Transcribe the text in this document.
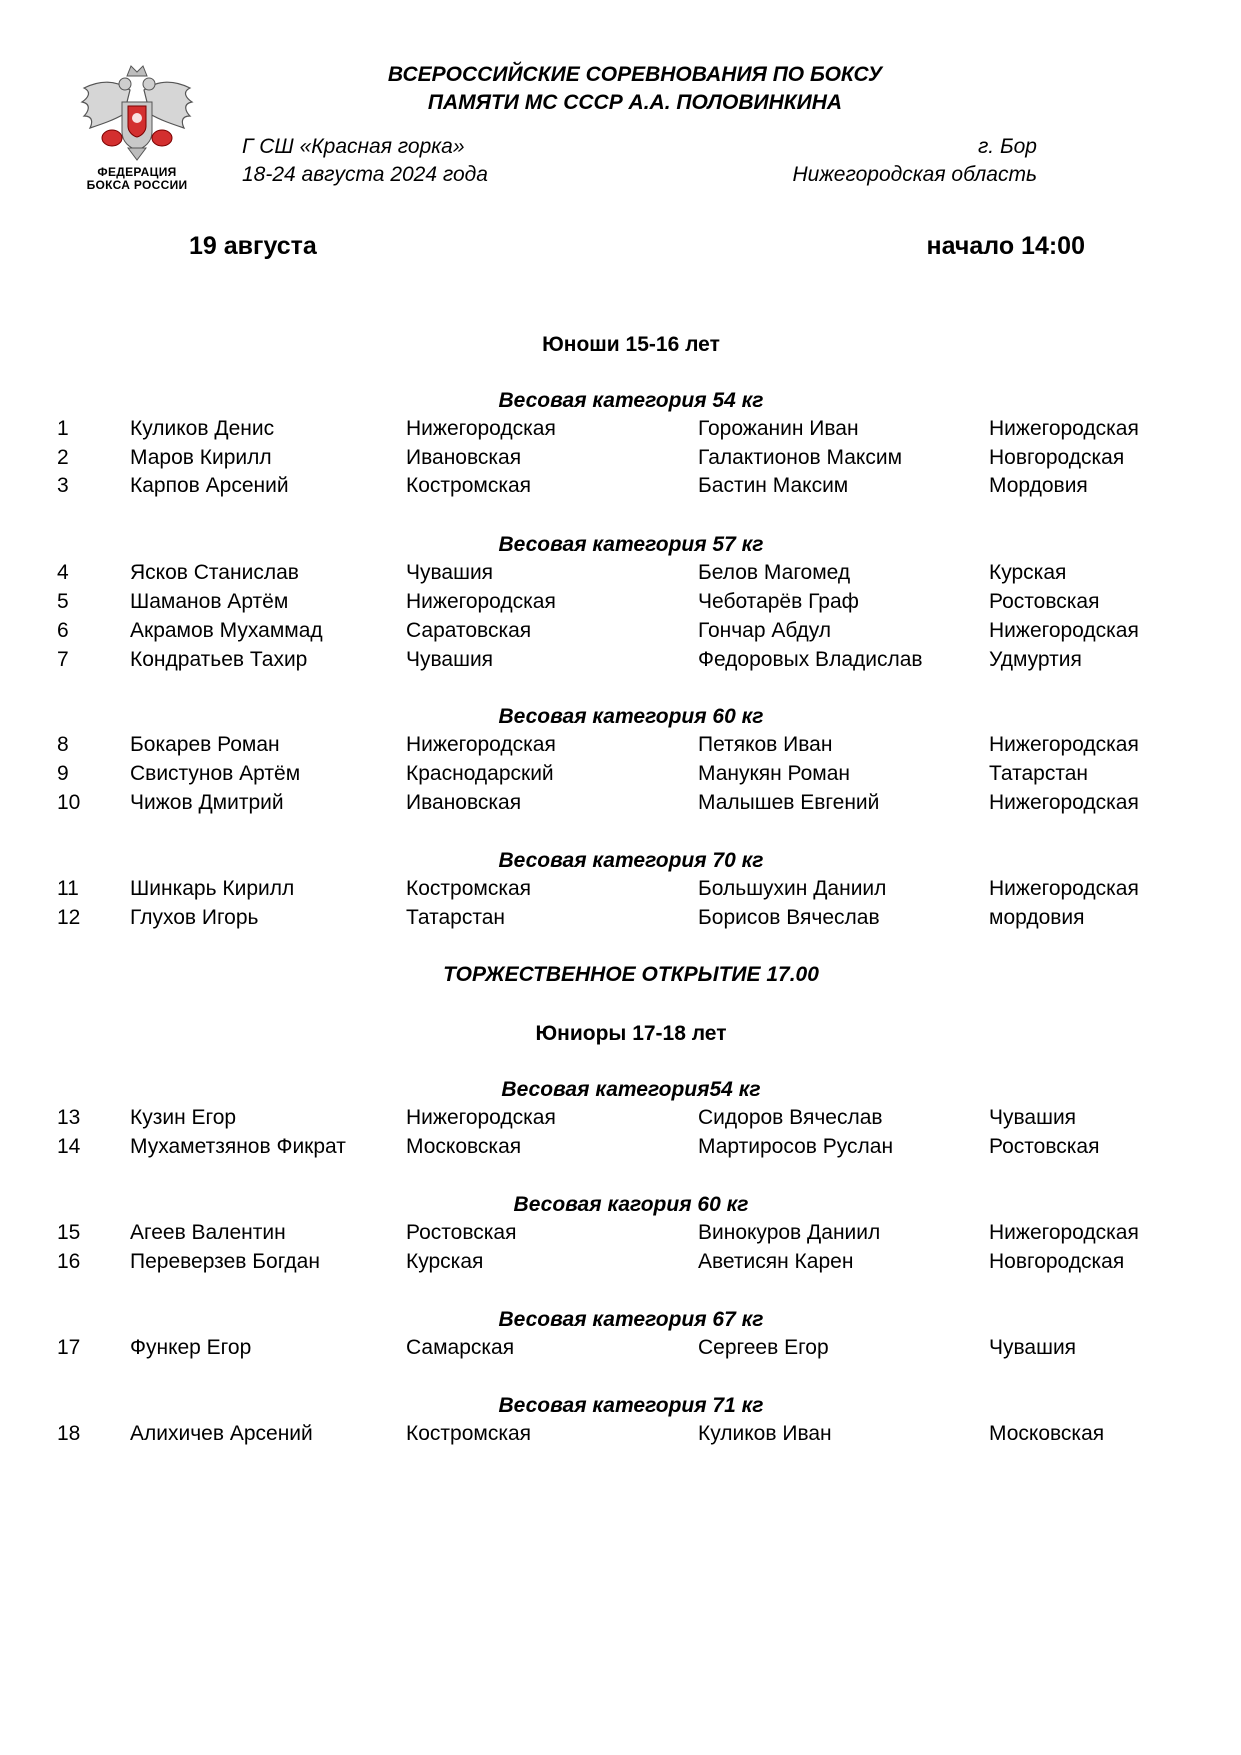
ФЕДЕРАЦИЯ
БОКСА РОССИИ
ВСЕРОССИЙСКИЕ СОРЕВНОВАНИЯ ПО БОКСУ
ПАМЯТИ МС СССР А.А. ПОЛОВИНКИНА
Г СШ «Красная горка»
18-24 августа 2024 года
г. Бор
Нижегородская область
19 августа	начало 14:00
Юноши 15-16 лет
Весовая категория 54 кг
1	Куликов Денис	Нижегородская	Горожанин Иван	Нижегородская
2	Маров Кирилл	Ивановская	Галактионов Максим	Новгородская
3	Карпов Арсений	Костромская	Бастин Максим	Мордовия
Весовая категория 57 кг
4	Ясков Станислав	Чувашия	Белов Магомед	Курская
5	Шаманов Артём	Нижегородская	Чеботарёв Граф	Ростовская
6	Акрамов Мухаммад	Саратовская	Гончар Абдул	Нижегородская
7	Кондратьев Тахир	Чувашия	Федоровых Владислав	Удмуртия
Весовая категория 60 кг
8	Бокарев Роман	Нижегородская	Петяков Иван	Нижегородская
9	Свистунов Артём	Краснодарский	Манукян Роман	Татарстан
10 Чижов Дмитрий	Ивановская	Малышев Евгений	Нижегородская
Весовая категория 70 кг
11 Шинкарь Кирилл	Костромская	Большухин Даниил	Нижегородская
12 Глухов Игорь	Татарстан	Борисов Вячеслав	мордовия
ТОРЖЕСТВЕННОЕ ОТКРЫТИЕ 17.00
Юниоры 17-18 лет
Весовая категория54 кг
13 Кузин Егор	Нижегородская	Сидоров Вячеслав	Чувашия
14 Мухаметзянов Фикрат	Московская	Мартиросов Руслан	Ростовская
Весовая кагория 60 кг
15 Агеев Валентин	Ростовская	Винокуров Даниил	Нижегородская
16 Переверзев Богдан	Курская	Аветисян Карен	Новгородская
Весовая категория 67 кг
17 Функер Егор	Самарская	Сергеев Егор	Чувашия
Весовая категория 71 кг
18 Алихичев Арсений	Костромская	Куликов Иван	Московская
